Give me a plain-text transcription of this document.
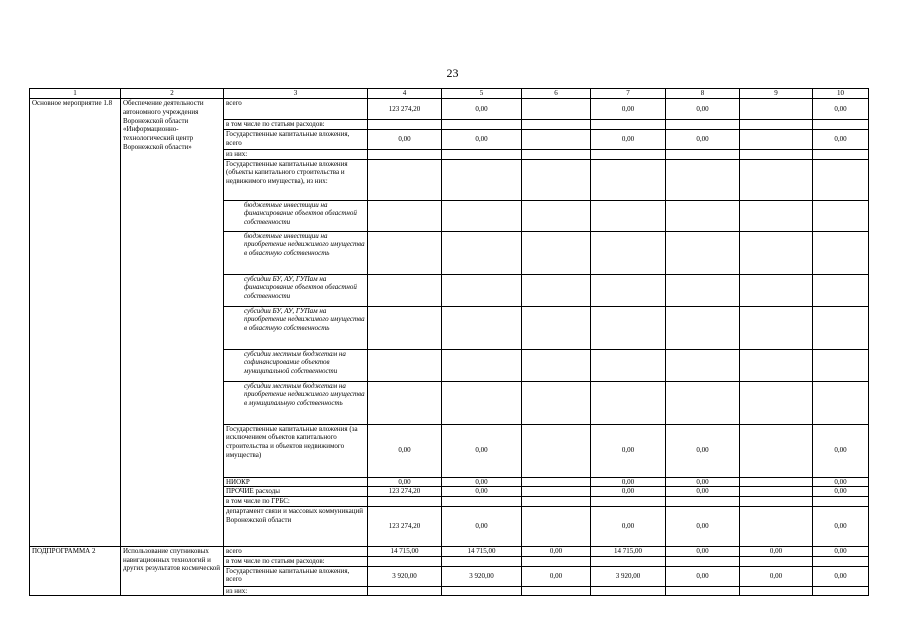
23
1	2	3	4	5	6	7	8	9	10
Основное мероприятие 1.8	Обеспечение деятельности автономного учреждения Воронежской области «Информационно-технологический центр Воронежской области»	всего	123 274,20	0,00		0,00	0,00		0,00
		в том числе по статьям расходов:							
		Государственные капитальные вложения, всего	0,00	0,00		0,00	0,00		0,00
		из них:							
		Государственные капитальные вложения (объекты капитального строительства и недвижимого имущества), из них:							
		бюджетные инвестиции на финансирование объектов областной собственности							
		бюджетные инвестиции на приобретение недвижимого имущества в областную собственность							
		субсидии БУ, АУ, ГУПам на финансирование объектов областной собственности							
		субсидии БУ, АУ, ГУПам на приобретение недвижимого имущества в областную собственность							
		субсидии местным бюджетам на софинансирование объектов муниципальной собственности							
		субсидии местным бюджетам на приобретение недвижимого имущества в муниципальную собственность							
		Государственные капитальные вложения (за исключением объектов капитального строительства и объектов недвижимого имущества)	0,00	0,00		0,00	0,00		0,00
		НИОКР	0,00	0,00		0,00	0,00		0,00
		ПРОЧИЕ расходы	123 274,20	0,00		0,00	0,00		0,00
		в том числе по ГРБС:							
		департамент связи и массовых коммуникаций Воронежской области	123 274,20	0,00		0,00	0,00		0,00
ПОДПРОГРАММА 2	Использование спутниковых навигационных технологий и других результатов космической	всего	14 715,00	14 715,00	0,00	14 715,00	0,00	0,00	0,00
		в том числе по статьям расходов:							
		Государственные капитальные вложения, всего	3 920,00	3 920,00	0,00	3 920,00	0,00	0,00	0,00
		из них:							
